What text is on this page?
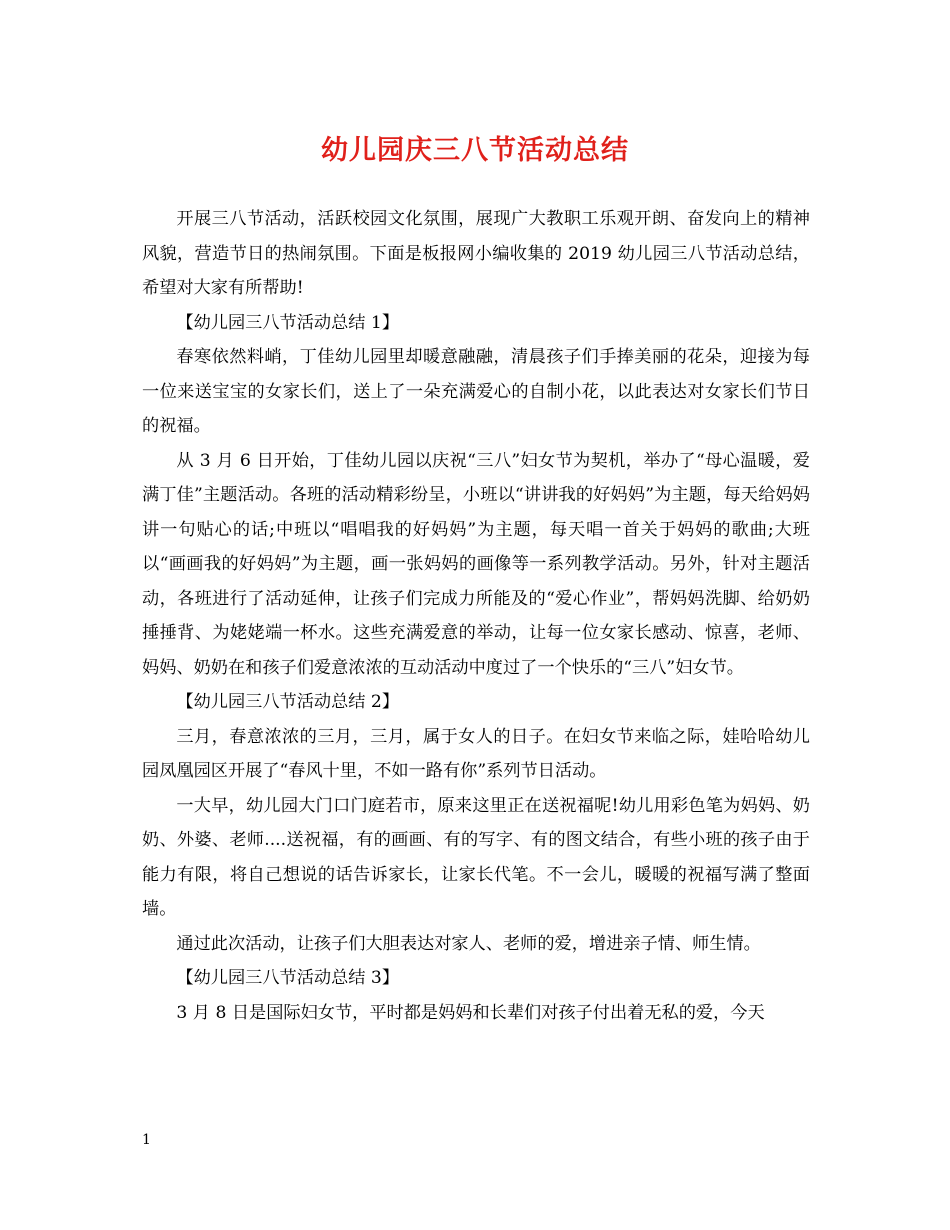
幼儿园庆三八节活动总结

开展三八节活动，活跃校园文化氛围，展现广大教职工乐观开朗、奋发向上的精神风貌，营造节日的热闹氛围。下面是板报网小编收集的 2019 幼儿园三八节活动总结，希望对大家有所帮助!

【幼儿园三八节活动总结 1】

春寒依然料峭，丁佳幼儿园里却暖意融融，清晨孩子们手捧美丽的花朵，迎接为每一位来送宝宝的女家长们，送上了一朵充满爱心的自制小花，以此表达对女家长们节日的祝福。

从 3 月 6 日开始，丁佳幼儿园以庆祝“三八”妇女节为契机，举办了“母心温暖，爱满丁佳”主题活动。各班的活动精彩纷呈，小班以“讲讲我的好妈妈”为主题，每天给妈妈讲一句贴心的话;中班以“唱唱我的好妈妈”为主题，每天唱一首关于妈妈的歌曲;大班以“画画我的好妈妈”为主题，画一张妈妈的画像等一系列教学活动。另外，针对主题活动，各班进行了活动延伸，让孩子们完成力所能及的“爱心作业”，帮妈妈洗脚、给奶奶捶捶背、为姥姥端一杯水。这些充满爱意的举动，让每一位女家长感动、惊喜，老师、妈妈、奶奶在和孩子们爱意浓浓的互动活动中度过了一个快乐的“三八”妇女节。

【幼儿园三八节活动总结 2】

三月，春意浓浓的三月，三月，属于女人的日子。在妇女节来临之际，娃哈哈幼儿园凤凰园区开展了“春风十里，不如一路有你”系列节日活动。

一大早，幼儿园大门口门庭若市，原来这里正在送祝福呢!幼儿用彩色笔为妈妈、奶奶、外婆、老师....送祝福，有的画画、有的写字、有的图文结合，有些小班的孩子由于能力有限，将自己想说的话告诉家长，让家长代笔。不一会儿，暖暖的祝福写满了整面墙。

通过此次活动，让孩子们大胆表达对家人、老师的爱，增进亲子情、师生情。

【幼儿园三八节活动总结 3】

3 月 8 日是国际妇女节，平时都是妈妈和长辈们对孩子付出着无私的爱，今天

1
